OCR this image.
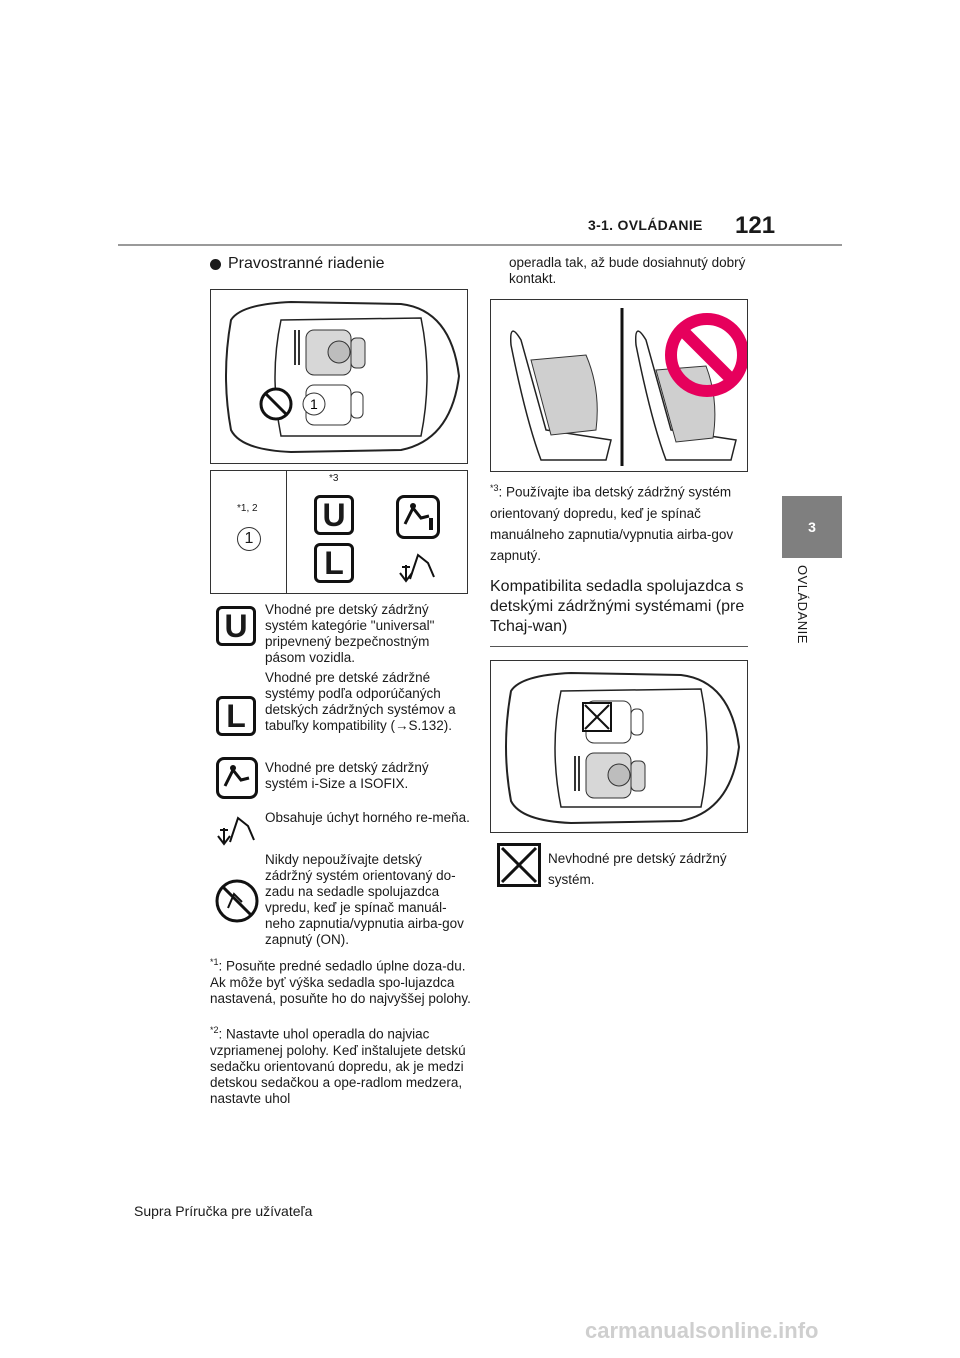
3-1. OVLÁDANIE 121
3
OVLÁDANIE
Pravostranné riadenie
1
*1, 2
1
*3
U
L
U	Vhodné pre detský zádržný systém kategórie "universal" pripevnený bezpečnostným pásom vozidla.
L
Vhodné pre detské zádržné systémy podľa odporúčaných detských zádržných systémov a tabuľky kompatibility (→S.132).
Vhodné pre detský zádržný systém i-Size a ISOFIX.
Obsahuje úchyt horného re-meňa.
Nikdy nepoužívajte detský zádržný systém orientovaný do-zadu na sedadle spolujazdca vpredu, keď je spínač manuál-neho zapnutia/vypnutia airba-gov zapnutý (ON).
$^{*1}$: Posuňte predné sedadlo úplne doza-du. Ak môže byť výška sedadla spo-lujazdca nastavená, posuňte ho do najvyššej polohy.
$^{*2}$: Nastavte uhol operadla do najviac vzpriamenej polohy. Keď inštalujete detskú sedačku orientovanú dopredu, ak je medzi detskou sedačkou a ope-radlom medzera, nastavte uhol
operadla tak, až bude dosiahnutý dobrý kontakt.
$^{*3}$: Používajte iba detský zádržný systém orientovaný dopredu, keď je spínač manuálneho zapnutia/vypnutia airba-gov zapnutý.
Kompatibilita sedadla spolujazdca s detskými zádržnými systémami (pre Tchaj-wan)
Nevhodné pre detský zádržný systém.
Supra Príručka pre užívateľa
carmanualsonline.info
